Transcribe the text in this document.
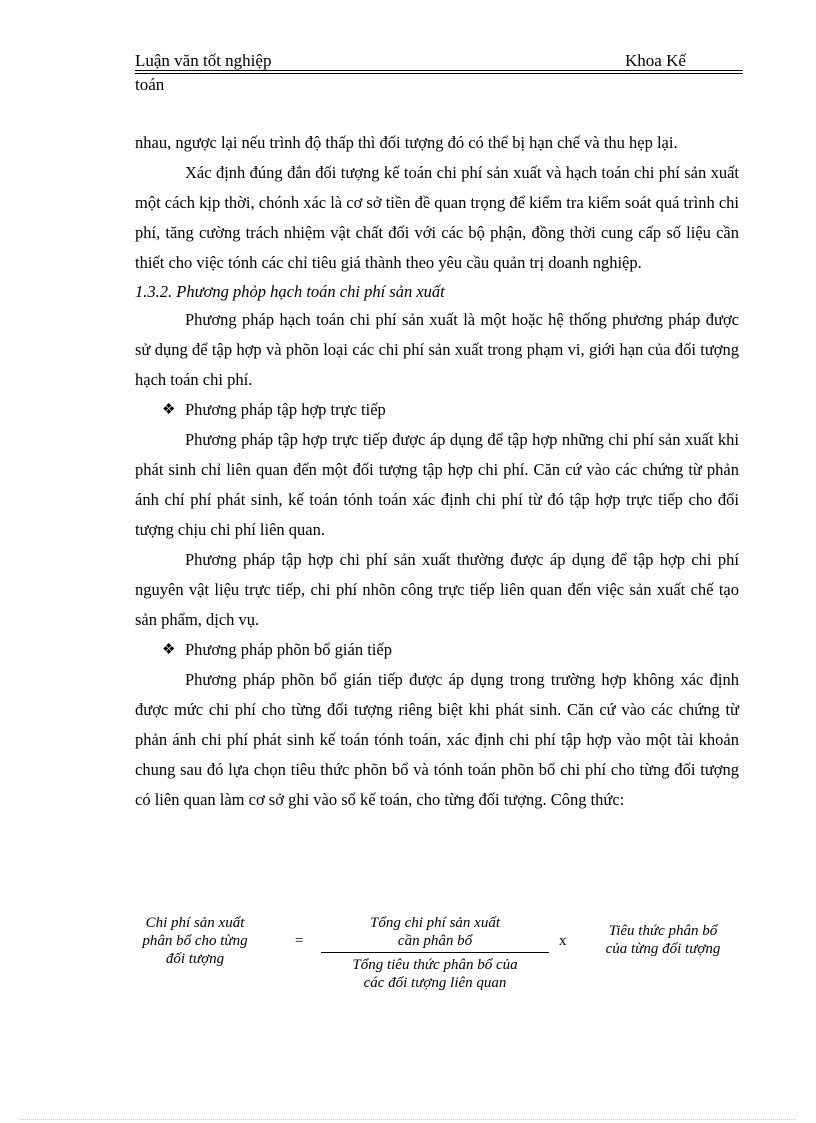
Luận văn tốt nghiệp	Khoa Kế
toán

nhau, ngược lại nếu trình độ thấp thì đối tượng đó có thể bị hạn chế và thu hẹp lại.

Xác định đúng đắn đối tượng kế toán chi phí sản xuất và hạch toán chi phí sản xuất một cách kịp thời, chónh xác là cơ sở tiền đề quan trọng để kiểm tra kiểm soát quá trình chi phí, tăng cường trách nhiệm vật chất đối với các bộ phận, đồng thời cung cấp số liệu cần thiết cho việc tónh các chỉ tiêu giá thành theo yêu cầu quản trị doanh nghiệp.

1.3.2. Phương phỏp hạch toán chi phí sản xuất

Phương pháp hạch toán chi phí sản xuất là một hoặc hệ thống phương pháp được sử dụng để tập hợp và phõn loại các chi phí sản xuất trong phạm vi, giới hạn của đối tượng hạch toán chi phí.

❖ Phương pháp tập hợp trực tiếp

Phương pháp tập hợp trực tiếp được áp dụng để tập hợp những chi phí sản xuất khi phát sinh chỉ liên quan đến một đối tượng tập hợp chi phí. Căn cứ vào các chứng từ phản ánh chí phí phát sinh, kế toán tónh toán xác định chi phí từ đó tập hợp trực tiếp cho đối tượng chịu chi phí liên quan.

Phương pháp tập hợp chi phí sản xuất thường được áp dụng để tập hợp chi phí nguyên vật liệu trực tiếp, chi phí nhõn công trực tiếp liên quan đến việc sản xuất chế tạo sản phẩm, dịch vụ.

❖ Phương pháp phõn bổ gián tiếp

Phương pháp phõn bổ gián tiếp được áp dụng trong trường hợp không xác định được mức chi phí cho từng đối tượng riêng biệt khi phát sinh. Căn cứ vào các chứng từ phản ánh chi phí phát sinh kế toán tónh toán, xác định chi phí tập hợp vào một tài khoản chung sau đó lựa chọn tiêu thức phõn bổ và tónh toán phõn bổ chi phí cho từng đối tượng có liên quan làm cơ sở ghi vào sổ kế toán, cho từng đối tượng. Công thức:

Chi phí sản xuất
phân bổ cho từng
đối tượng
=
Tổng chi phí sản xuất
cần phân bổ
Tổng tiêu thức phân bổ của
các đối tượng liên quan
x
Tiêu thức phân bổ
của từng đối tượng
